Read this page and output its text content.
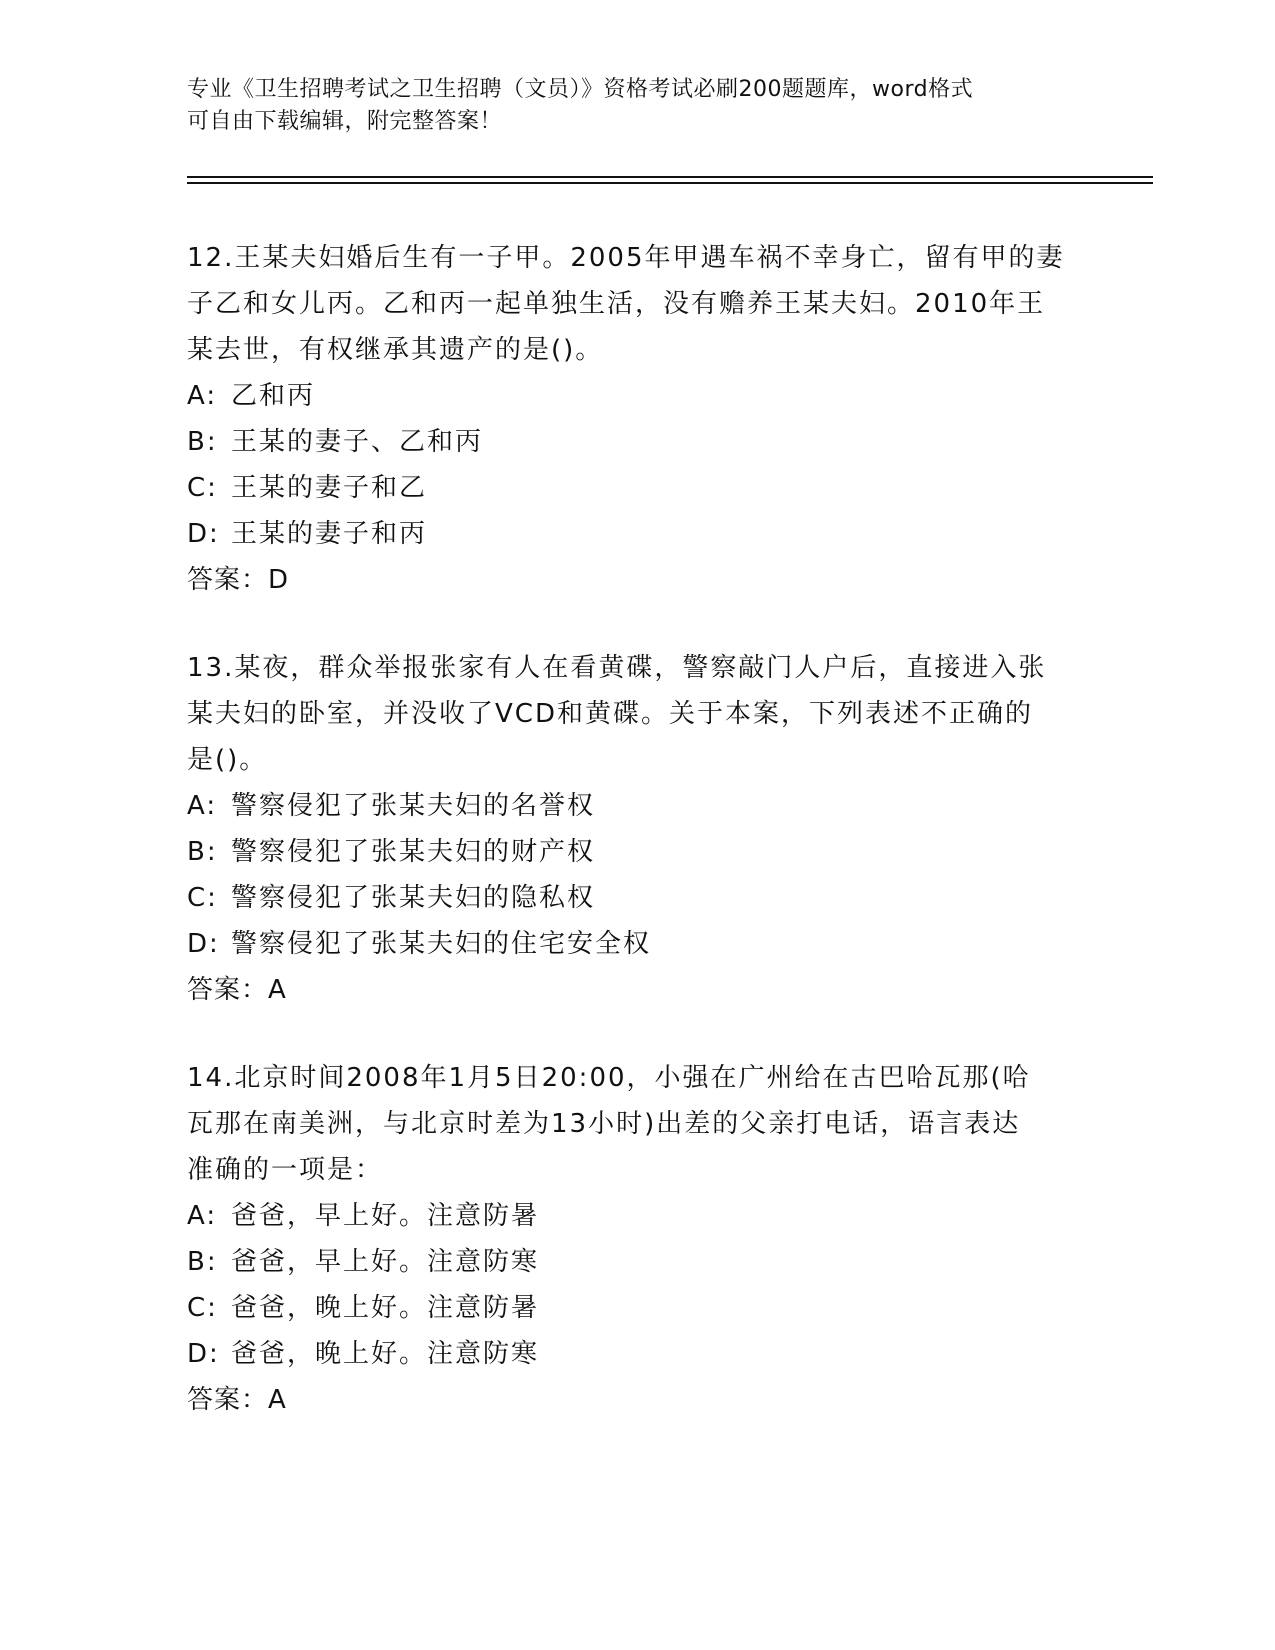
专业《卫生招聘考试之卫生招聘（文员）》资格考试必刷200题题库，word格式
可自由下载编辑，附完整答案！
12.王某夫妇婚后生有一子甲。2005年甲遇车祸不幸身亡，留有甲的妻
子乙和女儿丙。乙和丙一起单独生活，没有赡养王某夫妇。2010年王
某去世，有权继承其遗产的是()。
A: 乙和丙
B: 王某的妻子、乙和丙
C: 王某的妻子和乙
D: 王某的妻子和丙
答案：D
13.某夜，群众举报张家有人在看黄碟，警察敲门人户后，直接进入张
某夫妇的卧室，并没收了VCD和黄碟。关于本案，下列表述不正确的
是()。
A: 警察侵犯了张某夫妇的名誉权
B: 警察侵犯了张某夫妇的财产权
C: 警察侵犯了张某夫妇的隐私权
D: 警察侵犯了张某夫妇的住宅安全权
答案：A
14.北京时间2008年1月5日20:00，小强在广州给在古巴哈瓦那(哈
瓦那在南美洲，与北京时差为13小时)出差的父亲打电话，语言表达
准确的一项是：
A: 爸爸，早上好。注意防暑
B: 爸爸，早上好。注意防寒
C: 爸爸，晚上好。注意防暑
D: 爸爸，晚上好。注意防寒
答案：A
